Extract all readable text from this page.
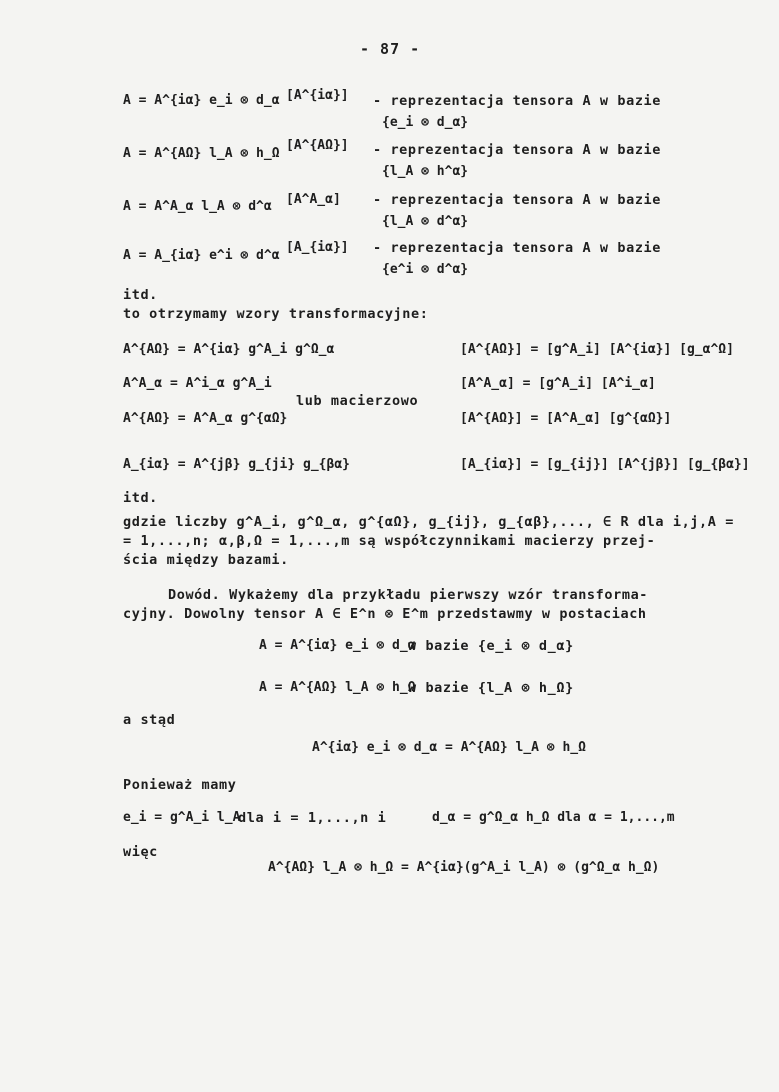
- 87 -
A = A^{iα} e_i ⊗ d_α [A^{iα}] - reprezentacja tensora A w bazie
{e_i ⊗ d_α}
A = A^{AΩ} l_A ⊗ h_Ω
[A^{AΩ}] - reprezentacja tensora A w bazie
{l_A ⊗ h^α}
A = A^A_α l_A ⊗ d^α [A^A_α] - reprezentacja tensora A w bazie
{l_A ⊗ d^α}
A = A_{iα} e^i ⊗ d^α
[A_{iα}] - reprezentacja tensora A w bazie
{e^i ⊗ d^α}
itd.
to otrzymamy wzory transformacyjne:
A^{AΩ} = A^{iα} g^A_i g^Ω_α
A^A_α = A^i_α g^A_i
lub macierzowo
A^{AΩ} = A^A_α g^{αΩ}
A_{iα} = A^{jβ} g_{ji} g_{βα}
[A^{AΩ}] = [g^A_i] [A^{iα}] [g_α^Ω]
[A^A_α] = [g^A_i] [A^i_α]
[A^{AΩ}] = [A^A_α] [g^{αΩ}]
[A_{iα}] = [g_{ij}] [A^{jβ}] [g_{βα}]
itd.
gdzie liczby g^A_i, g^Ω_α, g^{αΩ}, g_{ij}, g_{αβ},..., ∈ R dla i,j,A =
= 1,...,n; α,β,Ω = 1,...,m są współczynnikami macierzy przej-
ścia między bazami.
Dowód. Wykażemy dla przykładu pierwszy wzór transforma-
cyjny. Dowolny tensor A ∈ E^n ⊗ E^m przedstawmy w postaciach
A = A^{iα} e_i ⊗ d_α
w bazie {e_i ⊗ d_α}
A = A^{AΩ} l_A ⊗ h_Ω
w bazie {l_A ⊗ h_Ω}
a stąd
A^{iα} e_i ⊗ d_α = A^{AΩ} l_A ⊗ h_Ω
Ponieważ mamy
e_i = g^A_i l_A
dla i = 1,...,n i	d_α = g^Ω_α h_Ω dla α = 1,...,m
więc
A^{AΩ} l_A ⊗ h_Ω = A^{iα}(g^A_i l_A) ⊗ (g^Ω_α h_Ω)
